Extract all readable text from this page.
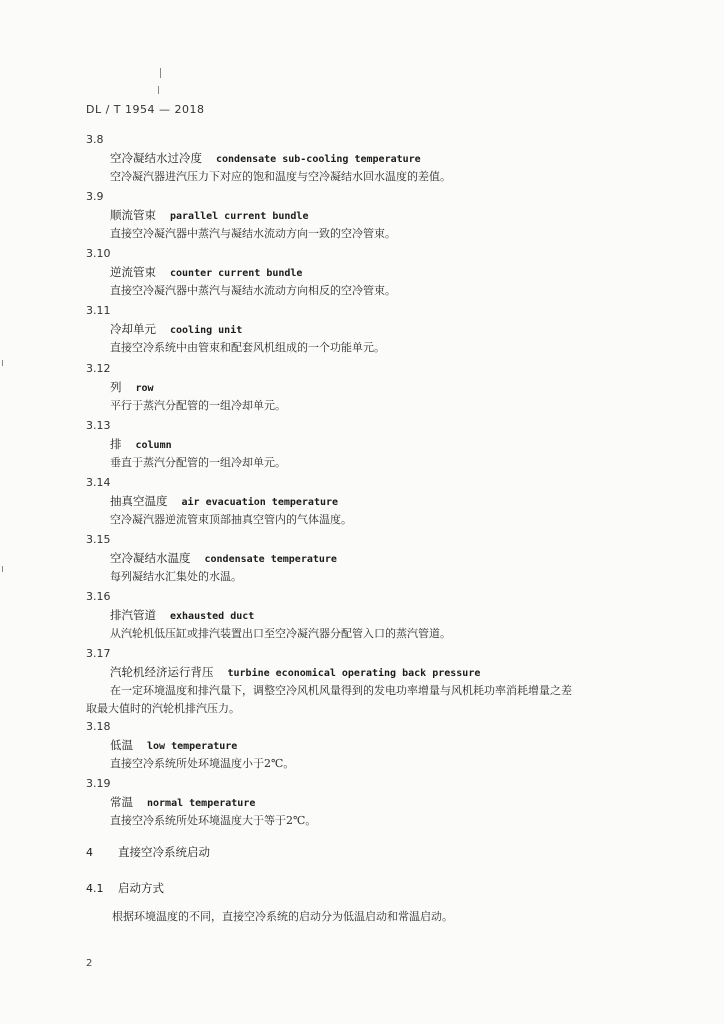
DL / T 1954 — 2018
3.8
空冷凝结水过冷度 condensate sub-cooling temperature
空冷凝汽器进汽压力下对应的饱和温度与空冷凝结水回水温度的差值。
3.9
顺流管束 parallel current bundle
直接空冷凝汽器中蒸汽与凝结水流动方向一致的空冷管束。
3.10
逆流管束 counter current bundle
直接空冷凝汽器中蒸汽与凝结水流动方向相反的空冷管束。
3.11
冷却单元 cooling unit
直接空冷系统中由管束和配套风机组成的一个功能单元。
3.12
列 row
平行于蒸汽分配管的一组冷却单元。
3.13
排 column
垂直于蒸汽分配管的一组冷却单元。
3.14
抽真空温度 air evacuation temperature
空冷凝汽器逆流管束顶部抽真空管内的气体温度。
3.15
空冷凝结水温度 condensate temperature
每列凝结水汇集处的水温。
3.16
排汽管道 exhausted duct
从汽轮机低压缸或排汽装置出口至空冷凝汽器分配管入口的蒸汽管道。
3.17
汽轮机经济运行背压 turbine economical operating back pressure
在一定环境温度和排汽量下，调整空冷风机风量得到的发电功率增量与风机耗功率消耗增量之差
取最大值时的汽轮机排汽压力。
3.18
低温 low temperature
直接空冷系统所处环境温度小于2℃。
3.19
常温 normal temperature
直接空冷系统所处环境温度大于等于2℃。
4 直接空冷系统启动
4.1 启动方式
根据环境温度的不同，直接空冷系统的启动分为低温启动和常温启动。
2
